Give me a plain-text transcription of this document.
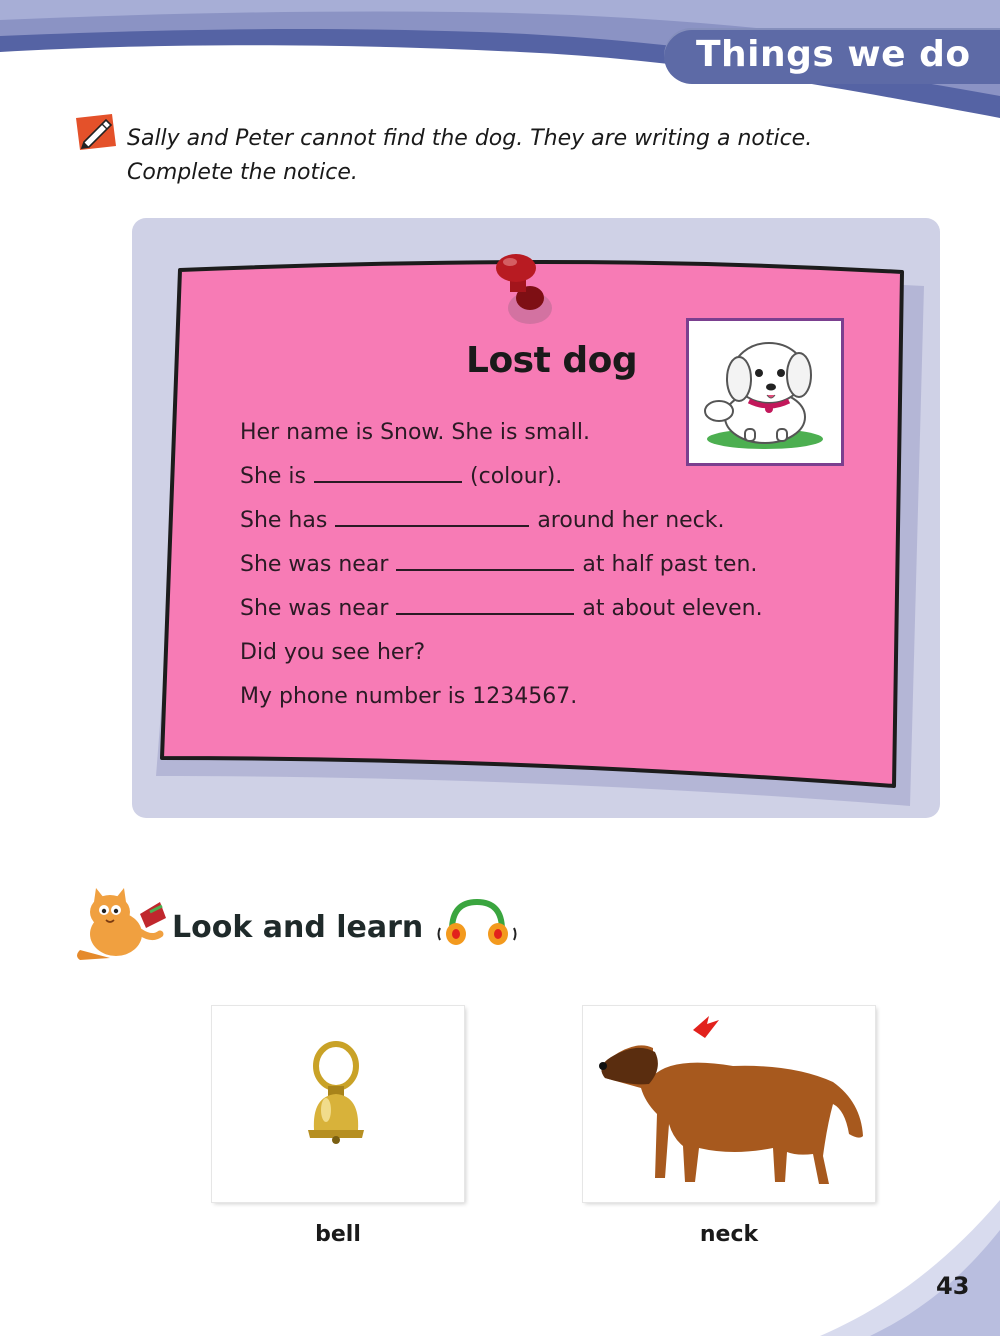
Things we do
Sally and Peter cannot find the dog. They are writing a notice.
Complete the notice.
Lost dog
Her name is Snow. She is small.
She is	(colour).
She has	around her neck.
She was near	at half past ten.
She was near	at about eleven.
Did you see her?
My phone number is 1234567.
Look and learn
bell	neck
43
